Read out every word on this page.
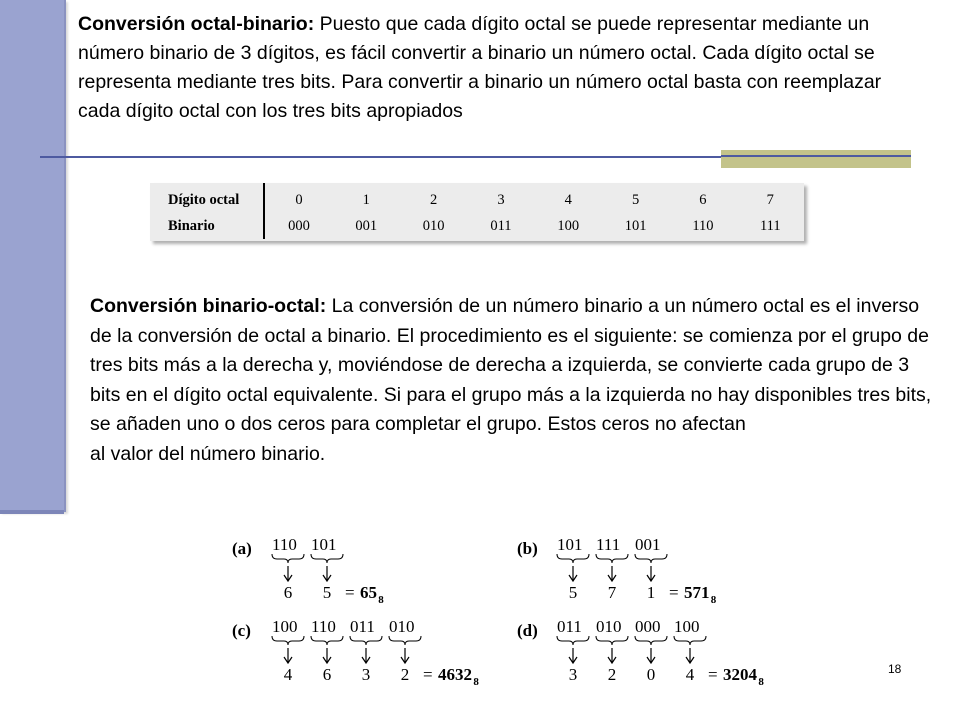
Conversión octal-binario: Puesto que cada dígito octal se puede representar mediante un número binario de 3 dígitos, es fácil convertir a binario un número octal. Cada dígito octal se representa mediante tres bits. Para convertir a binario un número octal basta con reemplazar cada dígito octal con los tres bits apropiados
Dígito octal	0	1	2	3	4	5	6	7
Binario	000	001	010	011	100	101	110	111
Conversión binario-octal: La conversión de un número binario a un número octal es el inverso de la conversión de octal a binario. El procedimiento es el siguiente: se comienza por el grupo de tres bits más a la derecha y, moviéndose de derecha a izquierda, se convierte cada grupo de 3 bits en el dígito octal equivalente. Si para el grupo más a la izquierda no hay disponibles tres bits, se añaden uno o dos ceros para completar el grupo. Estos ceros no afectan
al valor del número binario.
(a) 110
6
101
5 = 65 8
(b) 101
5
111
7
001
1 = 571 8
(c) 100
4
110
6
011
3
010
2 = 4632 8
(d) 011
3
010
2
000
0
100
4 = 3204 8
18
